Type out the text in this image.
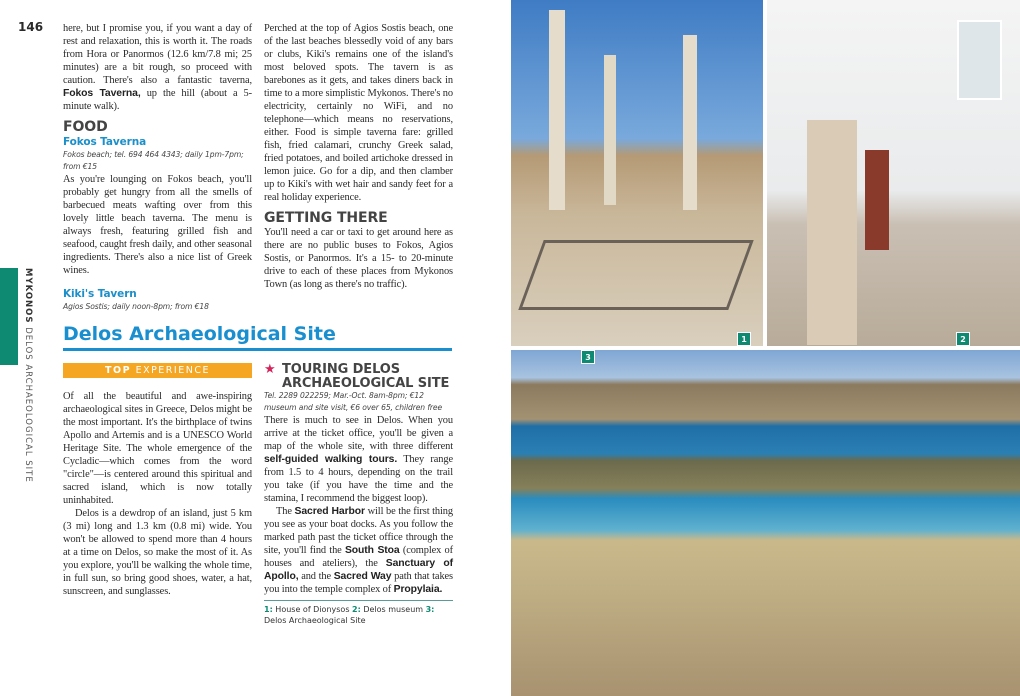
146
MYKONOS DELOS ARCHAEOLOGICAL SITE

here, but I promise you, if you want a day of rest and relaxation, this is worth it. The roads from Hora or Panormos (12.6 km/7.8 mi; 25 minutes) are a bit rough, so proceed with caution. There's also a fantastic taverna, Fokos Taverna, up the hill (about a 5-minute walk).

FOOD
Fokos Taverna
Fokos beach; tel. 694 464 4343; daily 1pm-7pm; from €15

As you're lounging on Fokos beach, you'll probably get hungry from all the smells of barbecued meats wafting over from this lovely little beach taverna. The menu is always fresh, featuring grilled fish and seafood, caught fresh daily, and other seasonal ingredients. There's also a nice list of Greek wines.

Kiki's Tavern
Agios Sostis; daily noon-8pm; from €18

Perched at the top of Agios Sostis beach, one of the last beaches blessedly void of any bars or clubs, Kiki's remains one of the island's most beloved spots. The tavern is as barebones as it gets, and takes diners back in time to a more simplistic Mykonos. There's no electricity, certainly no WiFi, and no telephone—which means no reservations, either. Food is simple taverna fare: grilled fish, fried calamari, crunchy Greek salad, fried potatoes, and boiled artichoke dressed in lemon juice. Go for a dip, and then clamber up to Kiki's with wet hair and sandy feet for a real holiday experience.

GETTING THERE

You'll need a car or taxi to get around here as there are no public buses to Fokos, Agios Sostis, or Panormos. It's a 15- to 20-minute drive to each of these places from Mykonos Town (as long as there's no traffic).

Delos Archaeological Site
TOP EXPERIENCE

Of all the beautiful and awe-inspiring archaeological sites in Greece, Delos might be the most important. It's the birthplace of twins Apollo and Artemis and is a UNESCO World Heritage Site. The whole emergence of the Cycladic—which comes from the word "circle"—is centered around this spiritual and sacred island, which is now totally uninhabited.

Delos is a dewdrop of an island, just 5 km (3 mi) long and 1.3 km (0.8 mi) wide. You won't be allowed to spend more than 4 hours at a time on Delos, so make the most of it. As you explore, you'll be walking the whole time, in full sun, so bring good shoes, water, a hat, sunscreen, and sunglasses.

★ TOURING DELOS ARCHAEOLOGICAL SITE
Tel. 2289 022259; Mar.-Oct. 8am-8pm; €12 museum and site visit, €6 over 65, children free

There is much to see in Delos. When you arrive at the ticket office, you'll be given a map of the whole site, with three different self-guided walking tours. They range from 1.5 to 4 hours, depending on the trail you take (if you have the time and the stamina, I recommend the biggest loop).

The Sacred Harbor will be the first thing you see as your boat docks. As you follow the marked path past the ticket office through the site, you'll find the South Stoa (complex of houses and ateliers), the Sanctuary of Apollo, and the Sacred Way path that takes you into the temple complex of Propylaia.

1: House of Dionysos 2: Delos museum 3: Delos Archaeological Site
1	2
3
